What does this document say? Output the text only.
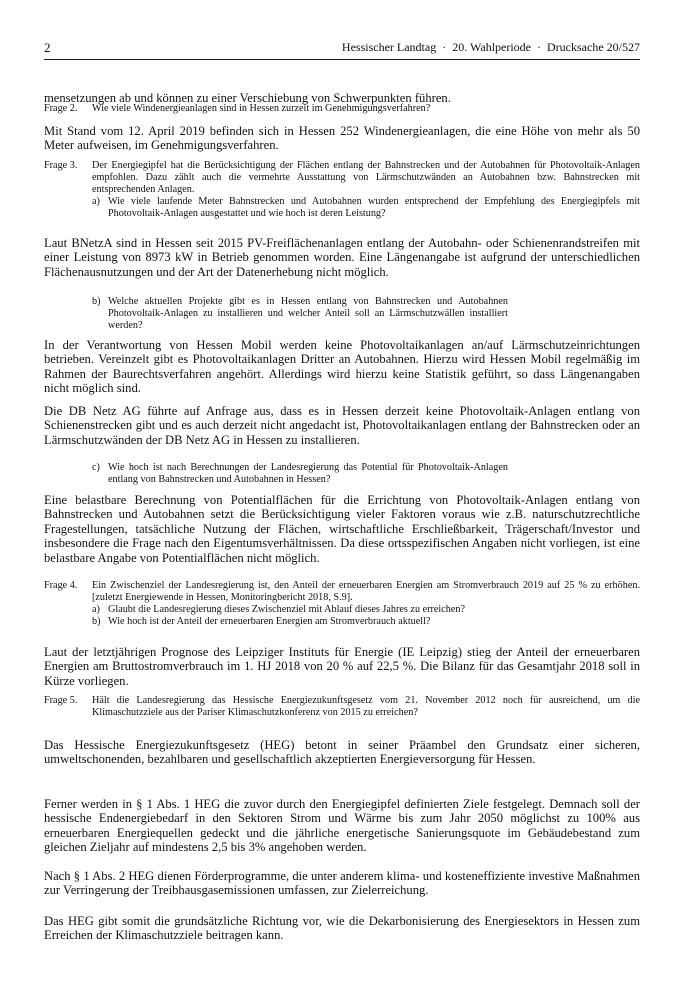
2	Hessischer Landtag · 20. Wahlperiode · Drucksache 20/527

mensetzungen ab und können zu einer Verschiebung von Schwerpunkten führen.

Frage 2.	Wie viele Windenergieanlagen sind in Hessen zurzeit im Genehmigungsverfahren?

Mit Stand vom 12. April 2019 befinden sich in Hessen 252 Windenergieanlagen, die eine Höhe von mehr als 50 Meter aufweisen, im Genehmigungsverfahren.

Frage 3.	Der Energiegipfel hat die Berücksichtigung der Flächen entlang der Bahnstrecken und der Autobahnen für Photovoltaik-Anlagen empfohlen. Dazu zählt auch die vermehrte Ausstattung von Lärmschutzwänden an Autobahnen bzw. Bahnstrecken mit entsprechenden Anlagen.
a) Wie viele laufende Meter Bahnstrecken und Autobahnen wurden entsprechend der Empfehlung des Energiegipfels mit Photovoltaik-Anlagen ausgestattet und wie hoch ist deren Leistung?

Laut BNetzA sind in Hessen seit 2015 PV-Freiflächenanlagen entlang der Autobahn- oder Schienenrandstreifen mit einer Leistung von 8973 kW in Betrieb genommen worden. Eine Längenangabe ist aufgrund der unterschiedlichen Flächenausnutzungen und der Art der Datenerhebung nicht möglich.

b) Welche aktuellen Projekte gibt es in Hessen entlang von Bahnstrecken und Autobahnen Photovoltaik-Anlagen zu installieren und welcher Anteil soll an Lärmschutzwällen installiert werden?

In der Verantwortung von Hessen Mobil werden keine Photovoltaikanlagen an/auf Lärmschutzeinrichtungen betrieben. Vereinzelt gibt es Photovoltaikanlagen Dritter an Autobahnen. Hierzu wird Hessen Mobil regelmäßig im Rahmen der Baurechtsverfahren angehört. Allerdings wird hierzu keine Statistik geführt, so dass Längenangaben nicht möglich sind.

Die DB Netz AG führte auf Anfrage aus, dass es in Hessen derzeit keine Photovoltaik-Anlagen entlang von Schienenstrecken gibt und es auch derzeit nicht angedacht ist, Photovoltaikanlagen entlang der Bahnstrecken oder an Lärmschutzwänden der DB Netz AG in Hessen zu installieren.

c) Wie hoch ist nach Berechnungen der Landesregierung das Potential für Photovoltaik-Anlagen entlang von Bahnstrecken und Autobahnen in Hessen?

Eine belastbare Berechnung von Potentialflächen für die Errichtung von Photovoltaik-Anlagen entlang von Bahnstrecken und Autobahnen setzt die Berücksichtigung vieler Faktoren voraus wie z.B. naturschutzrechtliche Fragestellungen, tatsächliche Nutzung der Flächen, wirtschaftliche Erschließbarkeit, Trägerschaft/Investor und insbesondere die Frage nach den Eigentumsverhältnissen. Da diese ortsspezifischen Angaben nicht vorliegen, ist eine belastbare Angabe von Potentialflächen nicht möglich.

Frage 4.	Ein Zwischenziel der Landesregierung ist, den Anteil der erneuerbaren Energien am Stromverbrauch 2019 auf 25 % zu erhöhen. [zuletzt Energiewende in Hessen, Monitoringbericht 2018, S.9].
a) Glaubt die Landesregierung dieses Zwischenziel mit Ablauf dieses Jahres zu erreichen?
b) Wie hoch ist der Anteil der erneuerbaren Energien am Stromverbrauch aktuell?

Laut der letztjährigen Prognose des Leipziger Instituts für Energie (IE Leipzig) stieg der Anteil der erneuerbaren Energien am Bruttostromverbrauch im 1. HJ 2018 von 20 % auf 22,5 %. Die Bilanz für das Gesamtjahr 2018 soll in Kürze vorliegen.

Frage 5.	Hält die Landesregierung das Hessische Energiezukunftsgesetz vom 21. November 2012 noch für ausreichend, um die Klimaschutzziele aus der Pariser Klimaschutzkonferenz von 2015 zu erreichen?

Das Hessische Energiezukunftsgesetz (HEG) betont in seiner Präambel den Grundsatz einer sicheren, umweltschonenden, bezahlbaren und gesellschaftlich akzeptierten Energieversorgung für Hessen.

Ferner werden in § 1 Abs. 1 HEG die zuvor durch den Energiegipfel definierten Ziele festgelegt. Demnach soll der hessische Endenergiebedarf in den Sektoren Strom und Wärme bis zum Jahr 2050 möglichst zu 100% aus erneuerbaren Energiequellen gedeckt und die jährliche energetische Sanierungsquote im Gebäudebestand zum gleichen Zieljahr auf mindestens 2,5 bis 3% angehoben werden.

Nach § 1 Abs. 2 HEG dienen Förderprogramme, die unter anderem klima- und kosteneffiziente investive Maßnahmen zur Verringerung der Treibhausgasemissionen umfassen, zur Zielerreichung.

Das HEG gibt somit die grundsätzliche Richtung vor, wie die Dekarbonisierung des Energiesektors in Hessen zum Erreichen der Klimaschutzziele beitragen kann.
